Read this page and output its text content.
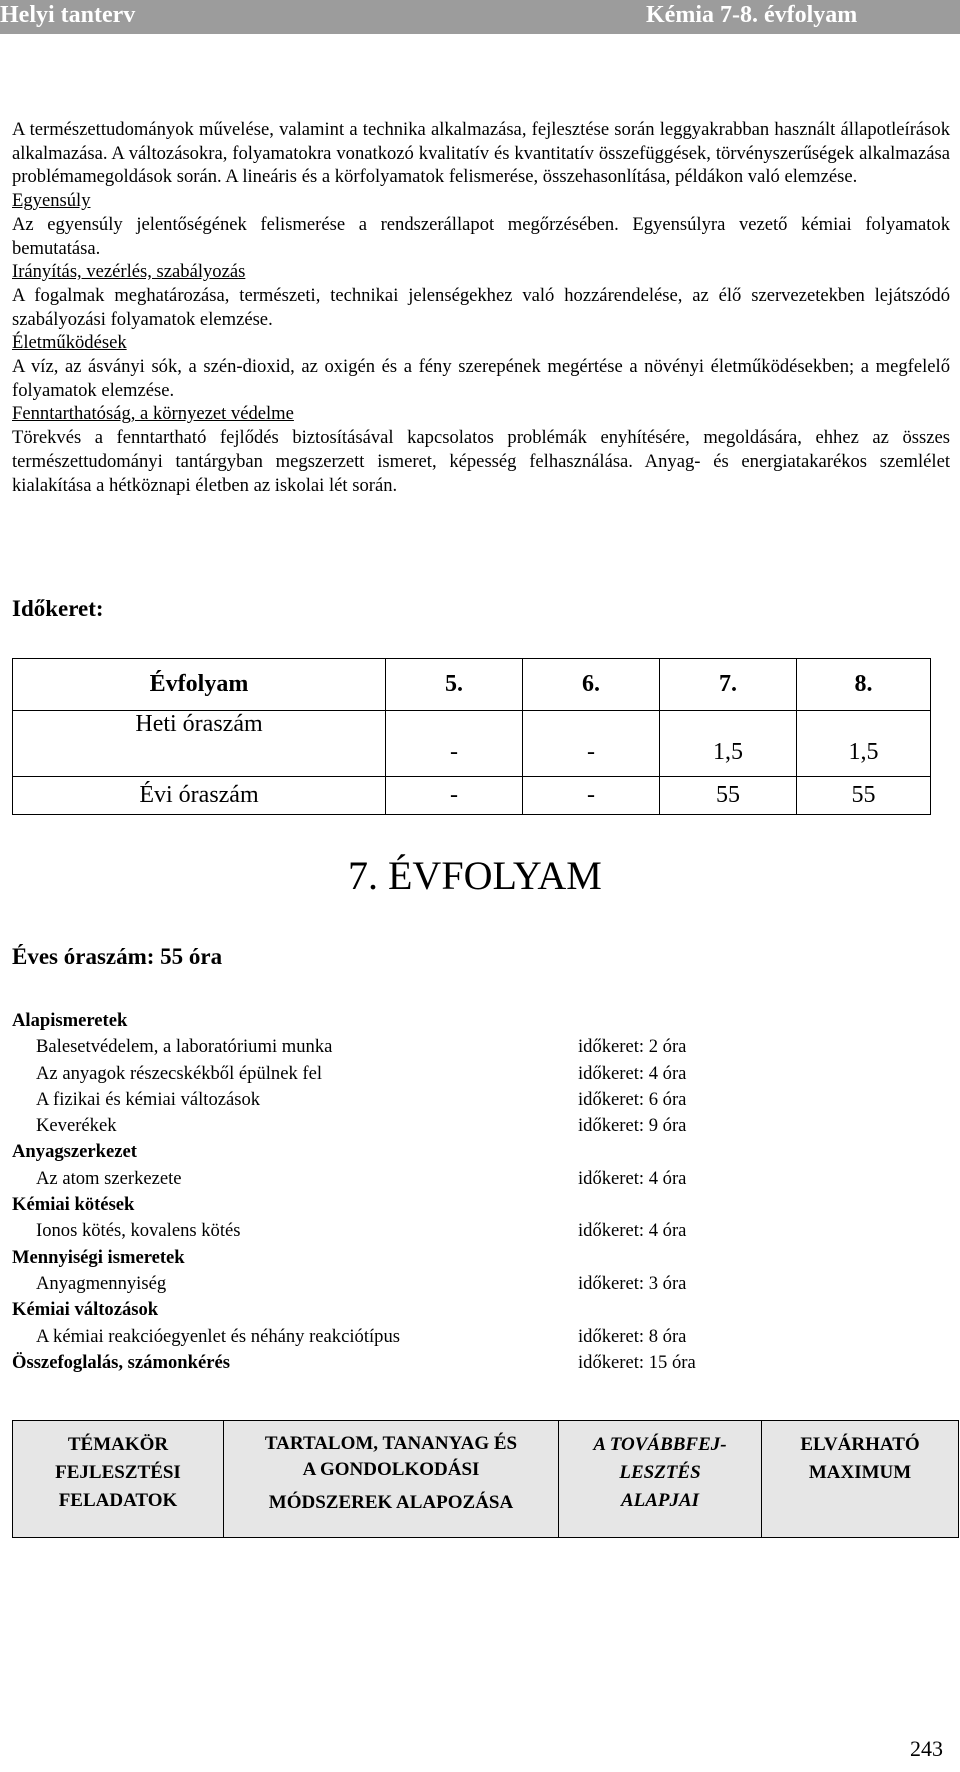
Helyi tanterv	Kémia 7-8. évfolyam

A természettudományok művelése, valamint a technika alkalmazása, fejlesztése során leggyakrabban használt állapotleírások alkalmazása. A változásokra, folyamatokra vonatkozó kvalitatív és kvantitatív összefüggések, törvényszerűségek alkalmazása problémamegoldások során. A lineáris és a körfolyamatok felismerése, összehasonlítása, példákon való elemzése.

Egyensúly

Az egyensúly jelentőségének felismerése a rendszerállapot megőrzésében. Egyensúlyra vezető kémiai folyamatok bemutatása.

Irányítás, vezérlés, szabályozás

A fogalmak meghatározása, természeti, technikai jelenségekhez való hozzárendelése, az élő szervezetekben lejátszódó szabályozási folyamatok elemzése.

Életműködések

A víz, az ásványi sók, a szén-dioxid, az oxigén és a fény szerepének megértése a növényi életműködésekben; a megfelelő folyamatok elemzése.

Fenntarthatóság, a környezet védelme

Törekvés a fenntartható fejlődés biztosításával kapcsolatos problémák enyhítésére, megoldására, ehhez az összes természettudományi tantárgyban megszerzett ismeret, képesség felhasználása. Anyag- és energiatakarékos szemlélet kialakítása a hétköznapi életben az iskolai lét során.

Időkeret:
Évfolyam	5.	6.	7.	8.
Heti óraszám	-	-	1,5	1,5
Évi óraszám	-	-	55	55
7. ÉVFOLYAM
Éves óraszám: 55 óra
Alapismeretek
Balesetvédelem, a laboratóriumi munka	időkeret: 2 óra
Az anyagok részecskékből épülnek fel	időkeret: 4 óra
A fizikai és kémiai változások	időkeret: 6 óra
Keverékek	időkeret: 9 óra
Anyagszerkezet
Az atom szerkezete	időkeret: 4 óra
Kémiai kötések
Ionos kötés, kovalens kötés	időkeret: 4 óra
Mennyiségi ismeretek
Anyagmennyiség	időkeret: 3 óra
Kémiai változások
A kémiai reakcióegyenlet és néhány reakciótípus	időkeret: 8 óra
Összefoglalás, számonkérés	időkeret: 15 óra
TÉMAKÖR
FEJLESZTÉSI
FELADATOK

TARTALOM, TANANYAG ÉS
A GONDOLKODÁSI
MÓDSZEREK ALAPOZÁSA

A TOVÁBBFEJ-
LESZTÉS
ALAPJAI

ELVÁRHATÓ
MAXIMUM
243
